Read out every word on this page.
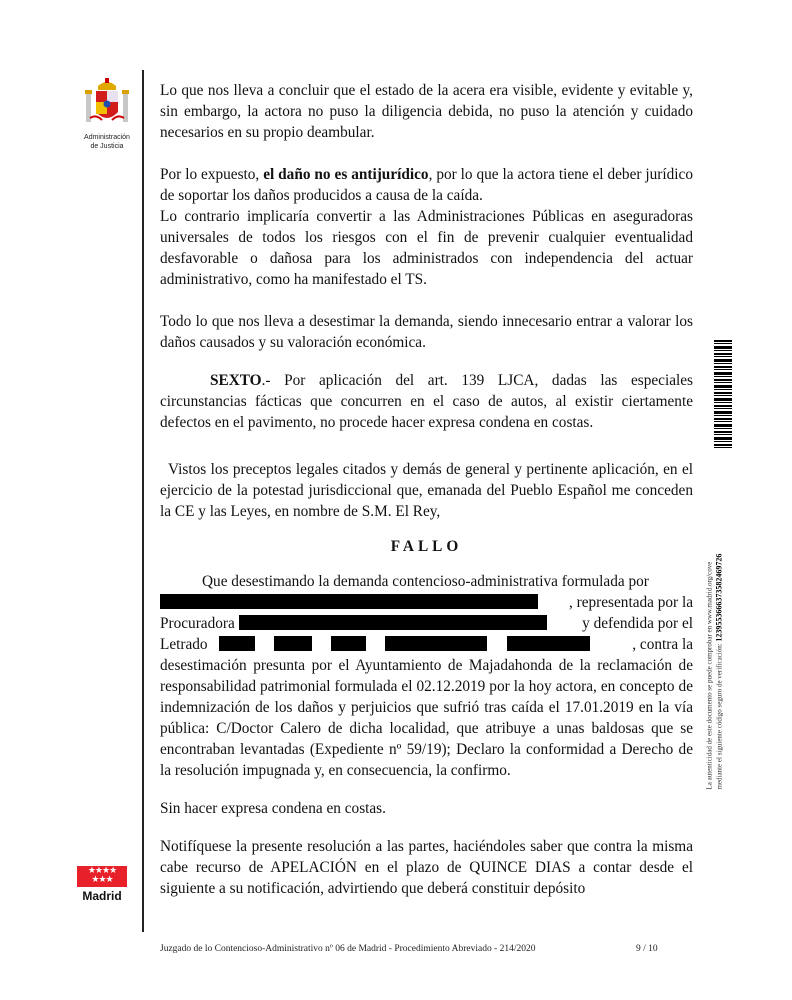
Administración
de Justicia
★★★★ ★★★
Madrid

Lo que nos lleva a concluir que el estado de la acera era visible, evidente y evitable y, sin embargo, la actora no puso la diligencia debida, no puso la atención y cuidado necesarios en su propio deambular.

Por lo expuesto, el daño no es antijurídico, por lo que la actora tiene el deber jurídico de soportar los daños producidos a causa de la caída.

Lo contrario implicaría convertir a las Administraciones Públicas en aseguradoras universales de todos los riesgos con el fin de prevenir cualquier eventualidad desfavorable o dañosa para los administrados con independencia del actuar administrativo, como ha manifestado el TS.

Todo lo que nos lleva a desestimar la demanda, siendo innecesario entrar a valorar los daños causados y su valoración económica.

SEXTO.- Por aplicación del art. 139 LJCA, dadas las especiales circunstancias fácticas que concurren en el caso de autos, al existir ciertamente defectos en el pavimento, no procede hacer expresa condena en costas.

Vistos los preceptos legales citados y demás de general y pertinente aplicación, en el ejercicio de la potestad jurisdiccional que, emanada del Pueblo Español me conceden la CE y las Leyes, en nombre de S.M. El Rey,

FALLO

Que desestimando la demanda contencioso-administrativa formulada por

, representada por la

Procuradora	y defendida por el

Letrado	, contra la

desestimación presunta por el Ayuntamiento de Majadahonda de la reclamación de responsabilidad patrimonial formulada el 02.12.2019 por la hoy actora, en concepto de indemnización de los daños y perjuicios que sufrió tras caída el 17.01.2019 en la vía pública: C/Doctor Calero de dicha localidad, que atribuye a unas baldosas que se encontraban levantadas (Expediente nº 59/19); Declaro la conformidad a Derecho de la resolución impugnada y, en consecuencia, la confirmo.

Sin hacer expresa condena en costas.

Notifíquese la presente resolución a las partes, haciéndoles saber que contra la misma cabe recurso de APELACIÓN en el plazo de QUINCE DIAS a contar desde el siguiente a su notificación, advirtiendo que deberá constituir depósito

La autenticidad de este documento se puede comprobar en www.madrid.org/cove mediante el siguiente código seguro de verificación: 1239553666373582469726
Juzgado de lo Contencioso-Administrativo nº 06 de Madrid - Procedimiento Abreviado - 214/2020	9 / 10
